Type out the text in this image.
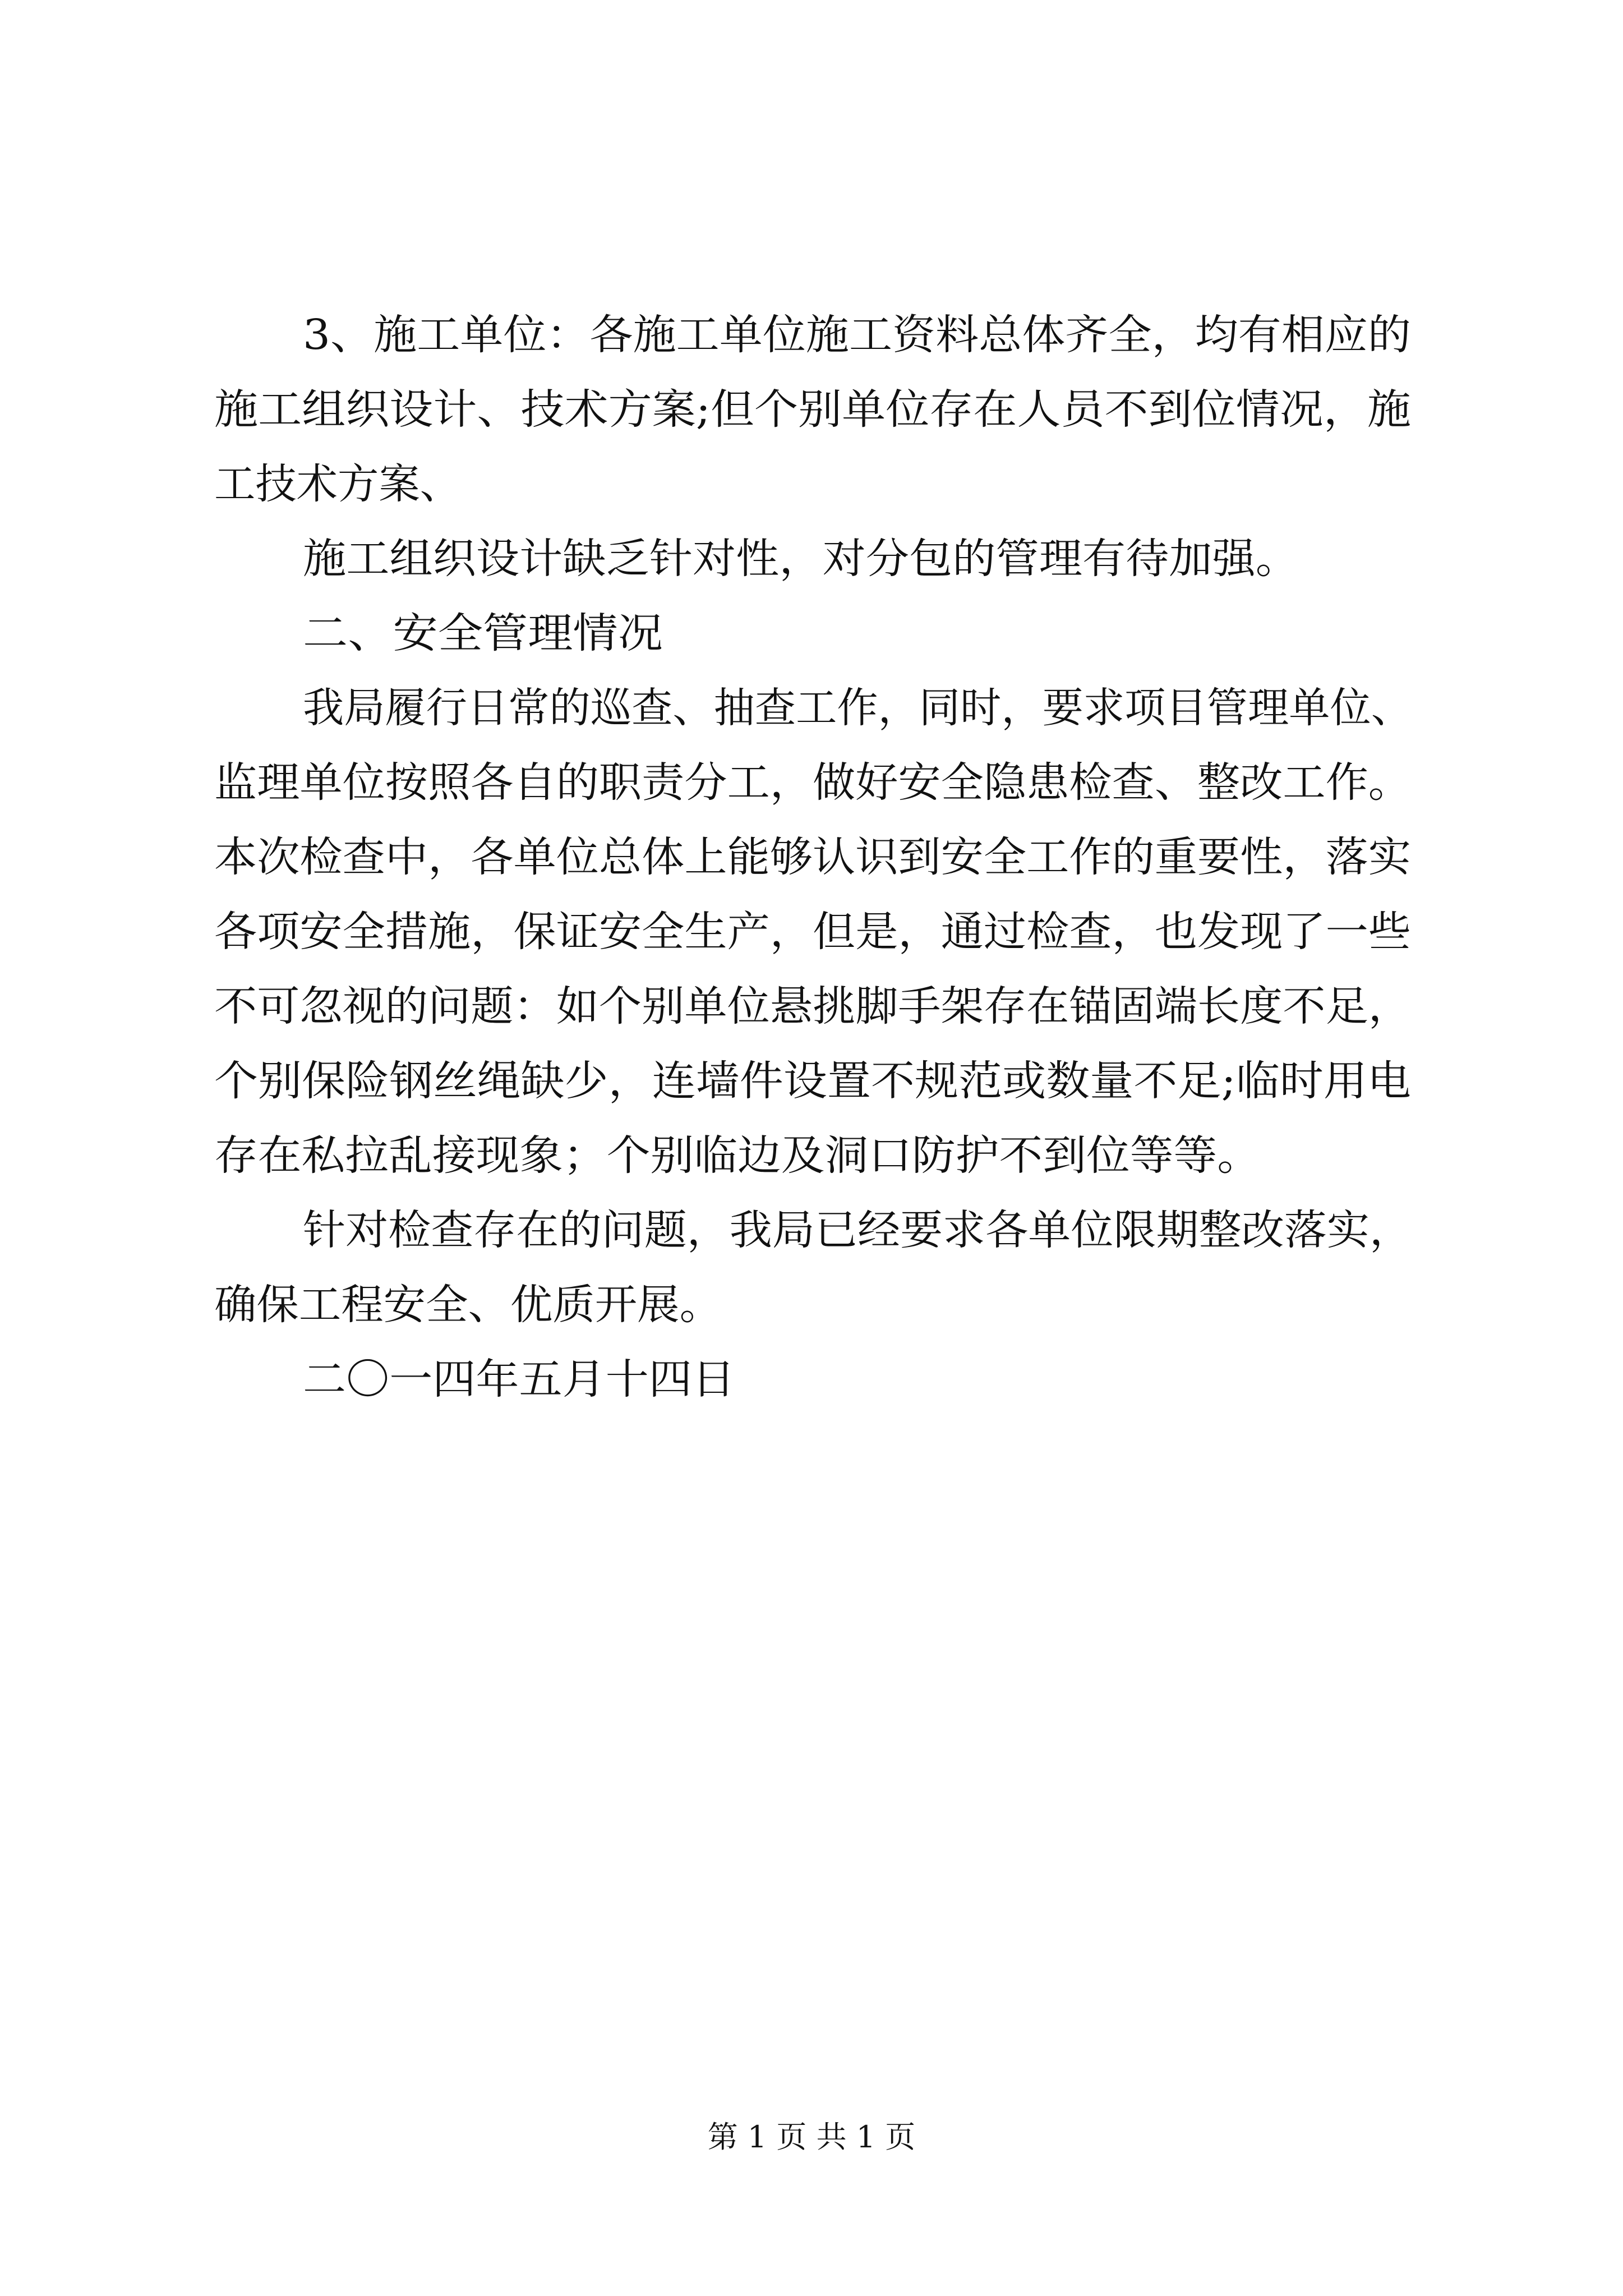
3、施工单位：各施工单位施工资料总体齐全，均有相应的

施工组织设计、技术方案;但个别单位存在人员不到位情况，施

工技术方案、

施工组织设计缺乏针对性，对分包的管理有待加强。

二、安全管理情况

我局履行日常的巡查、抽查工作，同时，要求项目管理单位、

监理单位按照各自的职责分工，做好安全隐患检查、整改工作。

本次检查中，各单位总体上能够认识到安全工作的重要性，落实

各项安全措施，保证安全生产，但是，通过检查，也发现了一些

不可忽视的问题：如个别单位悬挑脚手架存在锚固端长度不足，

个别保险钢丝绳缺少，连墙件设置不规范或数量不足;临时用电

存在私拉乱接现象；个别临边及洞口防护不到位等等。

针对检查存在的问题，我局已经要求各单位限期整改落实，

确保工程安全、优质开展。

二〇一四年五月十四日

第 1 页 共 1 页
